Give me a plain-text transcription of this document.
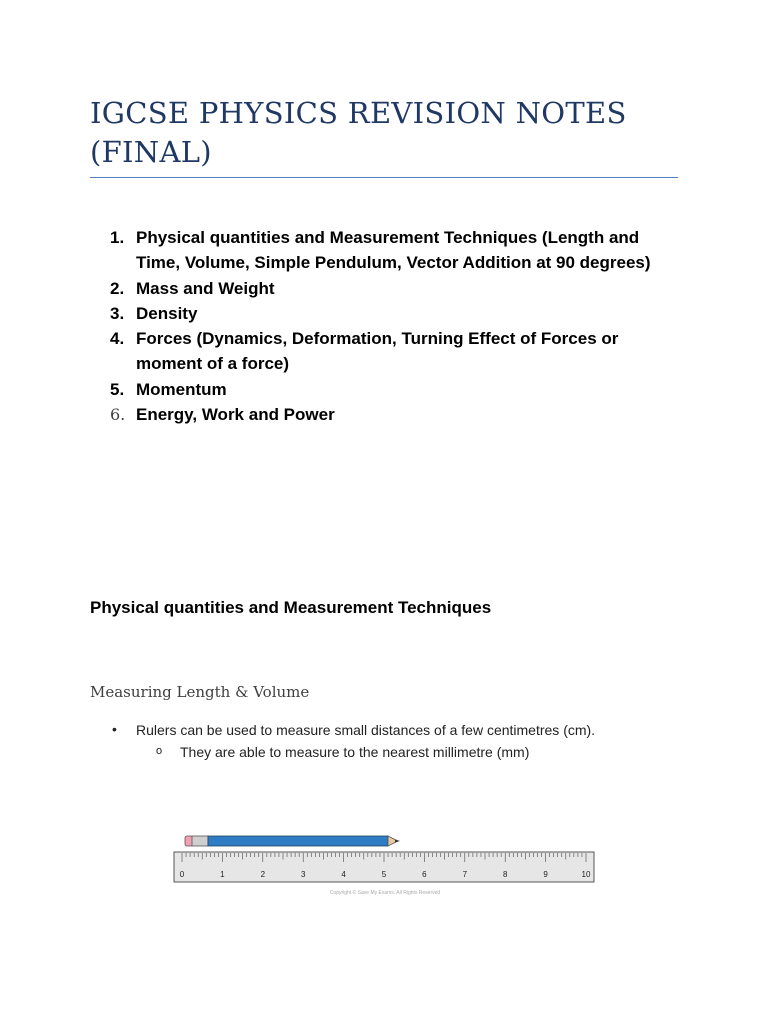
IGCSE PHYSICS REVISION NOTES
(FINAL)
1. Physical quantities and Measurement Techniques (Length and
Time, Volume, Simple Pendulum, Vector Addition at 90 degrees)
2. Mass and Weight
3. Density
4. Forces (Dynamics, Deformation, Turning Effect of Forces or
moment of a force)
5. Momentum
6. Energy, Work and Power
Physical quantities and Measurement Techniques
Measuring Length & Volume
• Rulers can be used to measure small distances of a few centimetres (cm).
o They are able to measure to the nearest millimetre (mm)
0	1	2	3	4	5	6	7	8	9	10
Copyright © Save My Exams. All Rights Reserved
